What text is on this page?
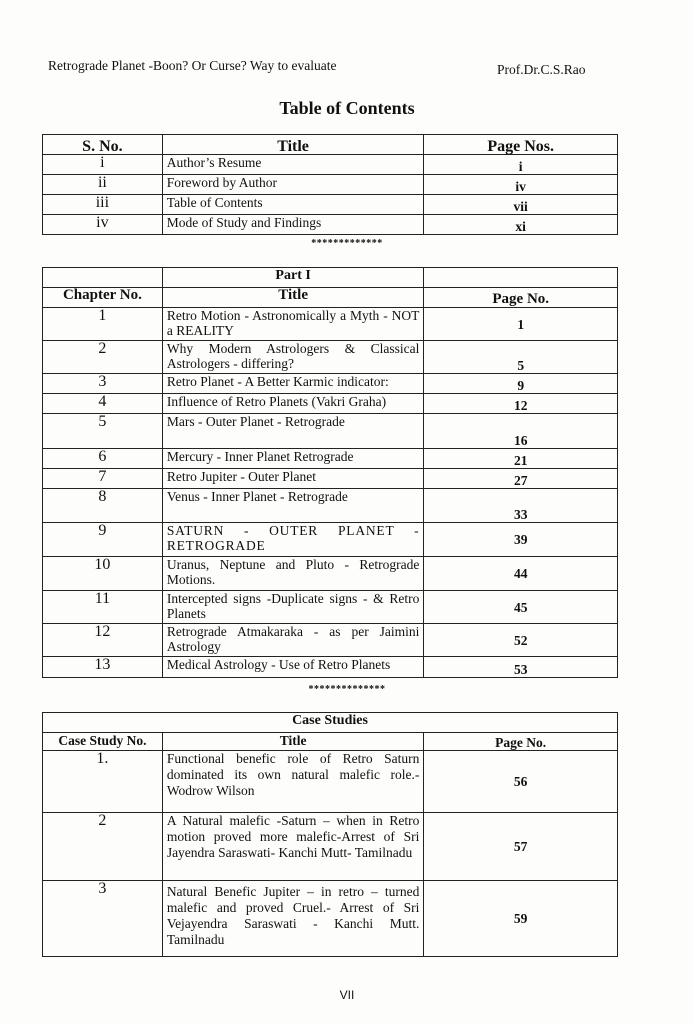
Retrograde Planet -Boon? Or Curse? Way to evaluate	Prof.Dr.C.S.Rao
Table of Contents
S. No.	Title	Page Nos.
i	Author’s Resume	i
ii	Foreword by Author	iv
iii	Table of Contents	vii
iv	Mode of Study and Findings	xi
*************
	Part I	
Chapter No.	Title	Page No.
1	Retro Motion - Astronomically a Myth - NOT a REALITY	1
2	Why Modern Astrologers & Classical Astrologers - differing?	5
3	Retro Planet - A Better Karmic indicator:	9
4	Influence of Retro Planets (Vakri Graha)	12
5	Mars - Outer Planet - Retrograde	16
6	Mercury - Inner Planet Retrograde	21
7	Retro Jupiter - Outer Planet	27
8	Venus - Inner Planet - Retrograde	33
9	SATURN - OUTER PLANET - RETROGRADE	39
10	Uranus, Neptune and Pluto - Retrograde Motions.	44
11	Intercepted signs -Duplicate signs - & Retro Planets	45
12	Retrograde Atmakaraka - as per Jaimini Astrology	52
13	Medical Astrology - Use of Retro Planets	53
**************
Case Studies		
Case Study No.	Title	Page No.
1.	Functional benefic role of Retro Saturn dominated its own natural malefic role.- Wodrow Wilson	56
2	A Natural malefic -Saturn – when in Retro motion proved more malefic-Arrest of Sri Jayendra Saraswati- Kanchi Mutt- Tamilnadu	57
3	Natural Benefic Jupiter – in retro – turned malefic and proved Cruel.- Arrest of Sri Vejayendra Saraswati - Kanchi Mutt. Tamilnadu	59
VII
